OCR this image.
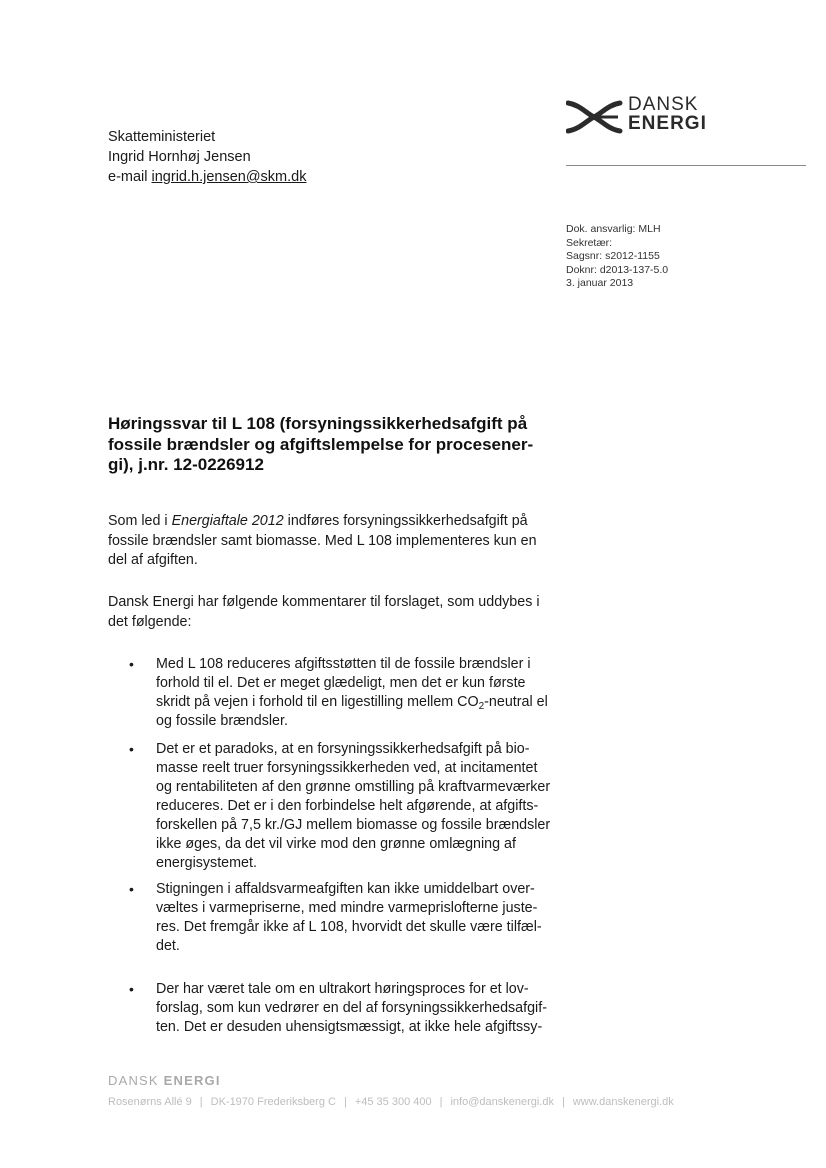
Skatteministeriet
Ingrid Hornhøj Jensen
e-mail ingrid.h.jensen@skm.dk
DANSK
ENERGI
Dok. ansvarlig: MLH
Sekretær:
Sagsnr: s2012-1155
Doknr: d2013-137-5.0
3. januar 2013
Høringssvar til L 108 (forsyningssikkerhedsafgift på
fossile brændsler og afgiftslempelse for procesener-
gi), j.nr. 12-0226912
Som led i Energiaftale 2012 indføres forsyningssikkerhedsafgift på
fossile brændsler samt biomasse. Med L 108 implementeres kun en
del af afgiften.
Dansk Energi har følgende kommentarer til forslaget, som uddybes i
det følgende:
• Med L 108 reduceres afgiftsstøtten til de fossile brændsler i
forhold til el. Det er meget glædeligt, men det er kun første
skridt på vejen i forhold til en ligestilling mellem $CO_2$-neutral el
og fossile brændsler.
• Det er et paradoks, at en forsyningssikkerhedsafgift på bio-
masse reelt truer forsyningssikkerheden ved, at incitamentet
og rentabiliteten af den grønne omstilling på kraftvarmeværker
reduceres. Det er i den forbindelse helt afgørende, at afgifts-
forskellen på 7,5 kr./GJ mellem biomasse og fossile brændsler
ikke øges, da det vil virke mod den grønne omlægning af
energisystemet.
• Stigningen i affaldsvarmeafgiften kan ikke umiddelbart over-
væltes i varmepriserne, med mindre varmeprislofterne juste-
res. Det fremgår ikke af L 108, hvorvidt det skulle være tilfæl-
det.
• Der har været tale om en ultrakort høringsproces for et lov-
forslag, som kun vedrører en del af forsyningssikkerhedsafgif-
ten. Det er desuden uhensigtsmæssigt, at ikke hele afgiftssy-
DANSK ENERGI
Rosenørns Allé 9 | DK-1970 Frederiksberg C | +45 35 300 400 | info@danskenergi.dk | www.danskenergi.dk
